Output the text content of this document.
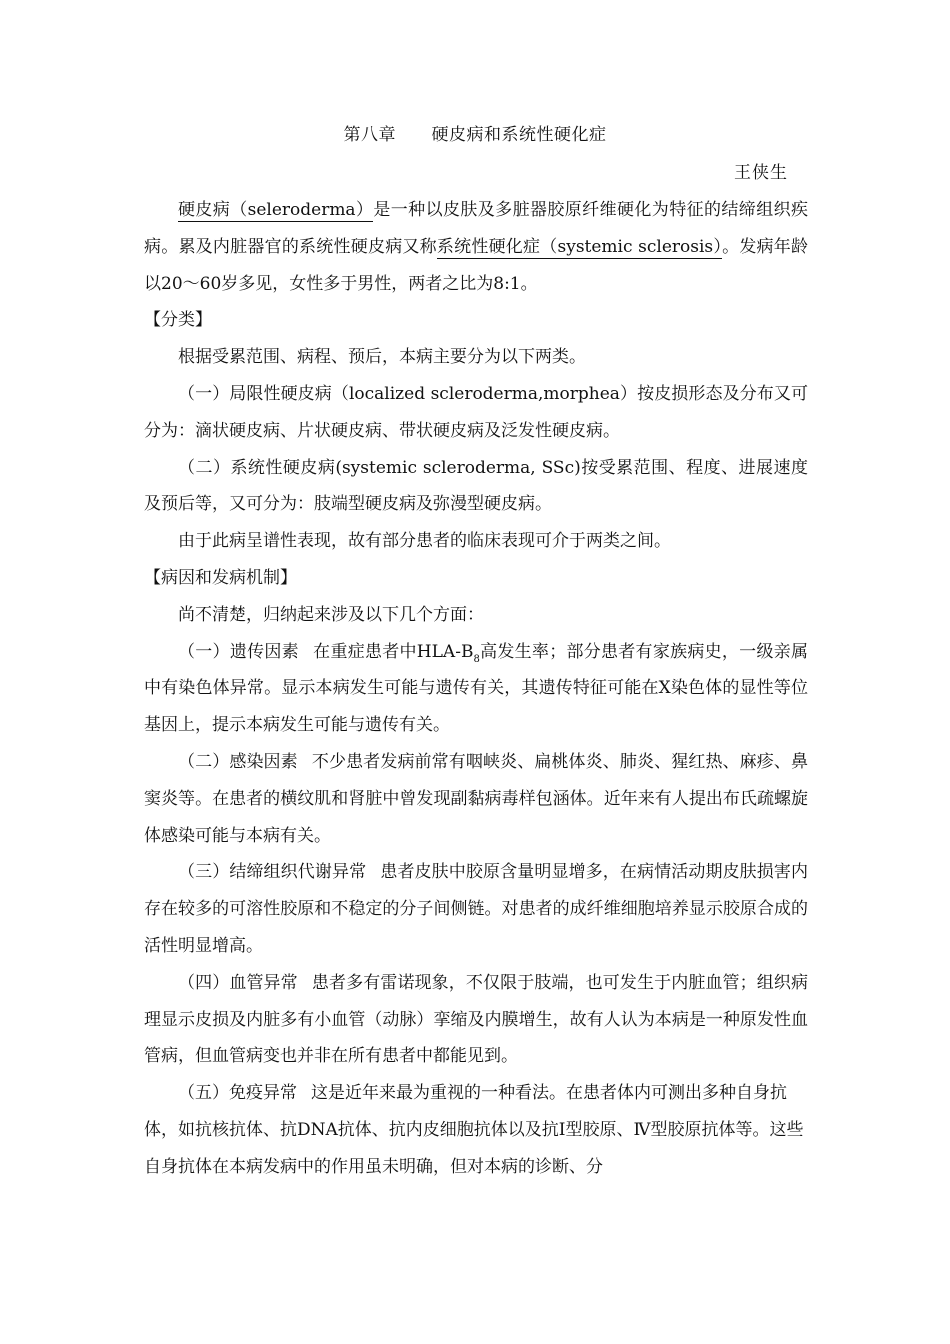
第八章 硬皮病和系统性硬化症
王侠生

硬皮病（seleroderma）是一种以皮肤及多脏器胶原纤维硬化为特征的结缔组织疾病。累及内脏器官的系统性硬皮病又称系统性硬化症（systemic sclerosis）。发病年龄以20～60岁多见，女性多于男性，两者之比为8:1。

【分类】

根据受累范围、病程、预后，本病主要分为以下两类。

（一）局限性硬皮病（localized scleroderma,morphea）按皮损形态及分布又可分为：滴状硬皮病、片状硬皮病、带状硬皮病及泛发性硬皮病。

（二）系统性硬皮病(systemic scleroderma, SSc)按受累范围、程度、进展速度及预后等，又可分为：肢端型硬皮病及弥漫型硬皮病。

由于此病呈谱性表现，故有部分患者的临床表现可介于两类之间。

【病因和发病机制】

尚不清楚，归纳起来涉及以下几个方面：

（一）遗传因素 在重症患者中HLA-$B_8$高发生率；部分患者有家族病史，一级亲属中有染色体异常。显示本病发生可能与遗传有关，其遗传特征可能在X染色体的显性等位基因上，提示本病发生可能与遗传有关。

（二）感染因素 不少患者发病前常有咽峡炎、扁桃体炎、肺炎、猩红热、麻疹、鼻窦炎等。在患者的横纹肌和肾脏中曾发现副黏病毒样包涵体。近年来有人提出布氏疏螺旋体感染可能与本病有关。

（三）结缔组织代谢异常 患者皮肤中胶原含量明显增多，在病情活动期皮肤损害内存在较多的可溶性胶原和不稳定的分子间侧链。对患者的成纤维细胞培养显示胶原合成的活性明显增高。

（四）血管异常 患者多有雷诺现象，不仅限于肢端，也可发生于内脏血管；组织病理显示皮损及内脏多有小血管（动脉）挛缩及内膜增生，故有人认为本病是一种原发性血管病，但血管病变也并非在所有患者中都能见到。

（五）免疫异常 这是近年来最为重视的一种看法。在患者体内可测出多种自身抗体，如抗核抗体、抗DNA抗体、抗内皮细胞抗体以及抗Ⅰ型胶原、Ⅳ型胶原抗体等。这些自身抗体在本病发病中的作用虽未明确，但对本病的诊断、分
